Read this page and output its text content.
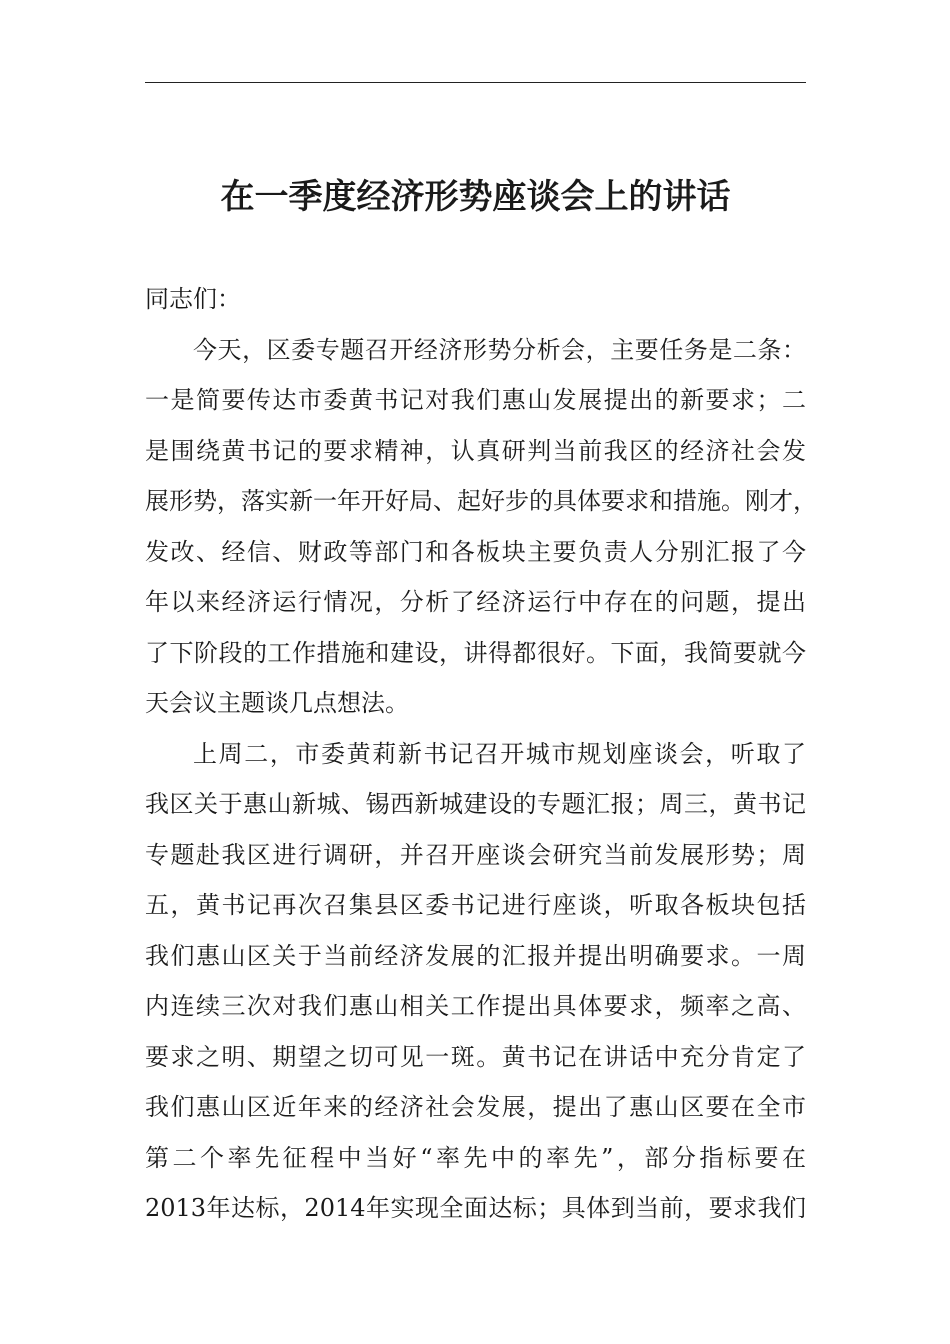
在一季度经济形势座谈会上的讲话

同志们：

今天，区委专题召开经济形势分析会，主要任务是二条：
一是简要传达市委黄书记对我们惠山发展提出的新要求；二
是围绕黄书记的要求精神，认真研判当前我区的经济社会发
展形势，落实新一年开好局、起好步的具体要求和措施。刚才，
发改、经信、财政等部门和各板块主要负责人分别汇报了今
年以来经济运行情况，分析了经济运行中存在的问题，提出
了下阶段的工作措施和建设，讲得都很好。下面，我简要就今
天会议主题谈几点想法。
上周二，市委黄莉新书记召开城市规划座谈会，听取了
我区关于惠山新城、锡西新城建设的专题汇报；周三，黄书记
专题赴我区进行调研，并召开座谈会研究当前发展形势；周
五，黄书记再次召集县区委书记进行座谈，听取各板块包括
我们惠山区关于当前经济发展的汇报并提出明确要求。一周
内连续三次对我们惠山相关工作提出具体要求，频率之高、
要求之明、期望之切可见一斑。黄书记在讲话中充分肯定了
我们惠山区近年来的经济社会发展，提出了惠山区要在全市
第二个率先征程中当好“率先中的率先”，部分指标要在
2013年达标，2014年实现全面达标；具体到当前，要求我们
